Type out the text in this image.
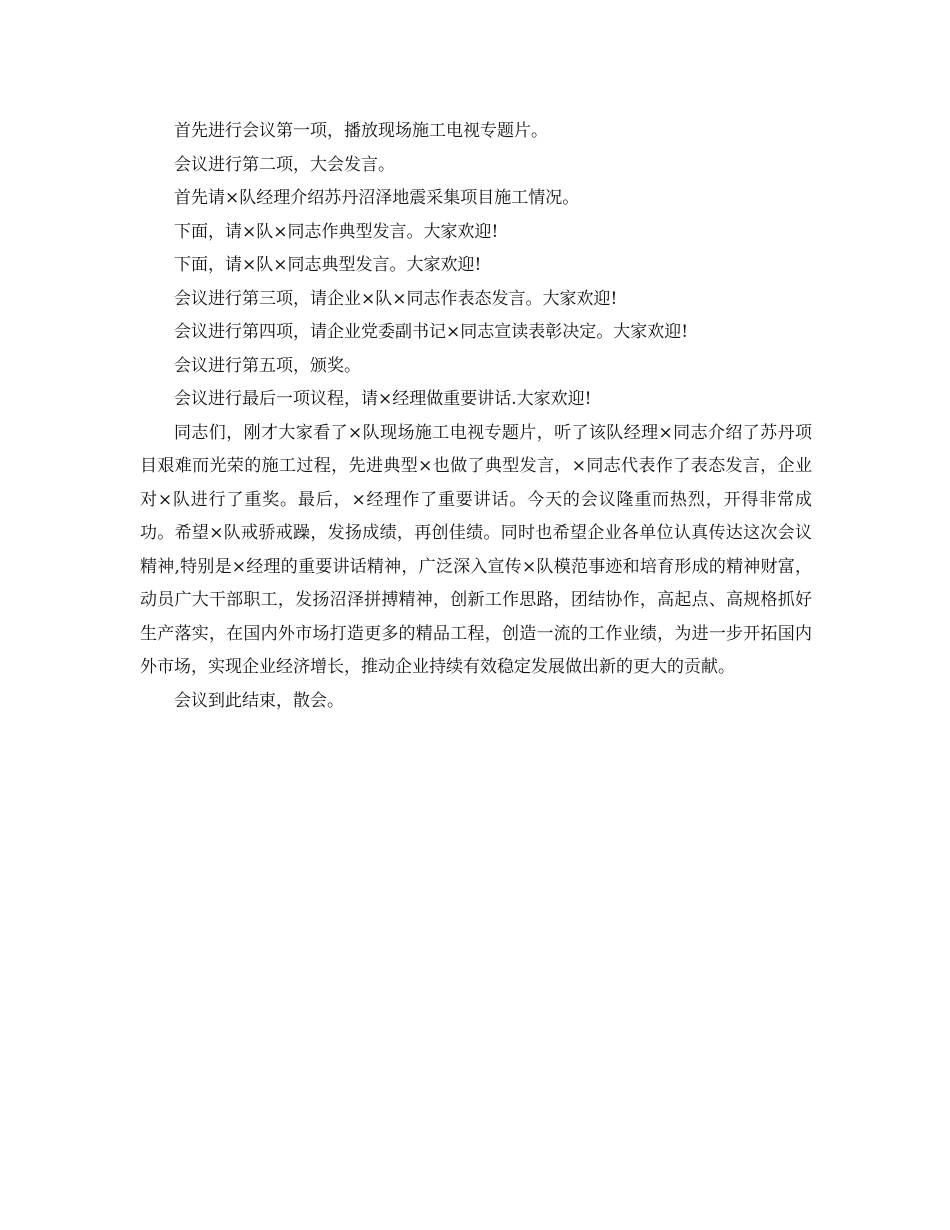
首先进行会议第一项，播放现场施工电视专题片。

会议进行第二项，大会发言。

首先请×队经理介绍苏丹沼泽地震采集项目施工情况。

下面，请×队×同志作典型发言。大家欢迎!

下面，请×队×同志典型发言。大家欢迎!

会议进行第三项，请企业×队×同志作表态发言。大家欢迎!

会议进行第四项，请企业党委副书记×同志宣读表彰决定。大家欢迎!

会议进行第五项，颁奖。

会议进行最后一项议程，请×经理做重要讲话.大家欢迎!

同志们，刚才大家看了×队现场施工电视专题片，听了该队经理×同志介绍了苏丹项目艰难而光荣的施工过程，先进典型×也做了典型发言，×同志代表作了表态发言，企业对×队进行了重奖。最后，×经理作了重要讲话。今天的会议隆重而热烈，开得非常成功。希望×队戒骄戒躁，发扬成绩，再创佳绩。同时也希望企业各单位认真传达这次会议精神,特别是×经理的重要讲话精神，广泛深入宣传×队模范事迹和培育形成的精神财富，动员广大干部职工，发扬沼泽拼搏精神，创新工作思路，团结协作，高起点、高规格抓好生产落实，在国内外市场打造更多的精品工程，创造一流的工作业绩，为进一步开拓国内外市场，实现企业经济增长，推动企业持续有效稳定发展做出新的更大的贡献。

会议到此结束，散会。
